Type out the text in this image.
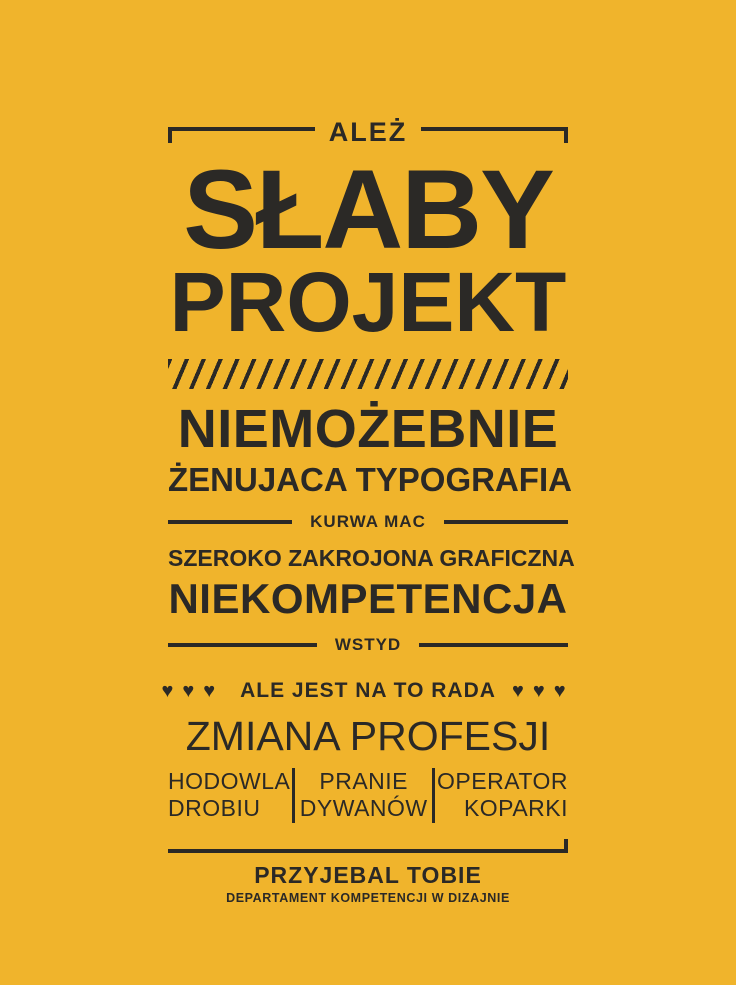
ALEŻ
SŁABY
PROJEKT
NIEMOŻEBNIE
ŻENUJACA TYPOGRAFIA
KURWA MAC
SZEROKO ZAKROJONA GRAFICZNA
NIEKOMPETENCJA
WSTYD
♥♥♥ ALE JEST NA TO RADA ♥♥♥
ZMIANA PROFESJI
HODOWLA
DROBIU
PRANIE
DYWANÓW
OPERATOR
KOPARKI
PRZYJEBAL TOBIE
DEPARTAMENT KOMPETENCJI W DIZAJNIE
